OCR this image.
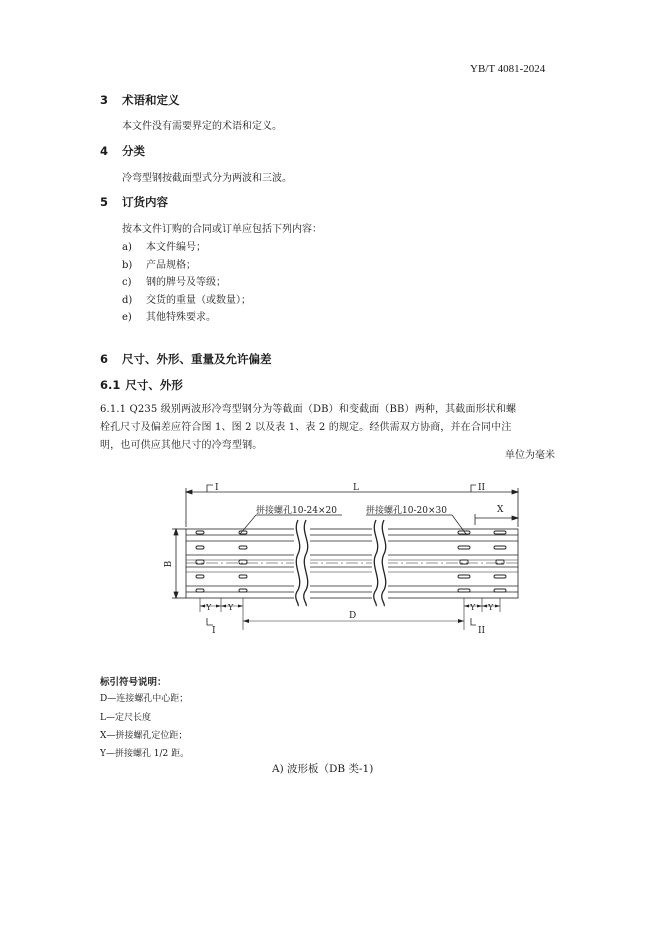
YB/T 4081-2024
3 术语和定义
本文件没有需要界定的术语和定义。
4 分类
冷弯型钢按截面型式分为两波和三波。
5 订货内容
按本文件订购的合同或订单应包括下列内容：
a) 本文件编号；
b) 产品规格；
c) 钢的牌号及等级；
d) 交货的重量（或数量）；
e) 其他特殊要求。
6 尺寸、外形、重量及允许偏差
6.1 尺寸、外形
6.1.1 Q235 级别两波形冷弯型钢分为等截面（DB）和变截面（BB）两种，其截面形状和螺
栓孔尺寸及偏差应符合图 1、图 2 以及表 1、表 2 的规定。经供需双方协商，并在合同中注
明，也可供应其他尺寸的冷弯型钢。
单位为毫米
I	II
L
X
B
拼接螺孔10-24×20	拼接螺孔10-20×30
Y Y	Y Y
D
I	II
标引符号说明：
D—连接螺孔中心距；
L—定尺长度
X—拼接螺孔定位距；
Y—拼接螺孔 1/2 距。
A) 波形板（DB 类-1)
